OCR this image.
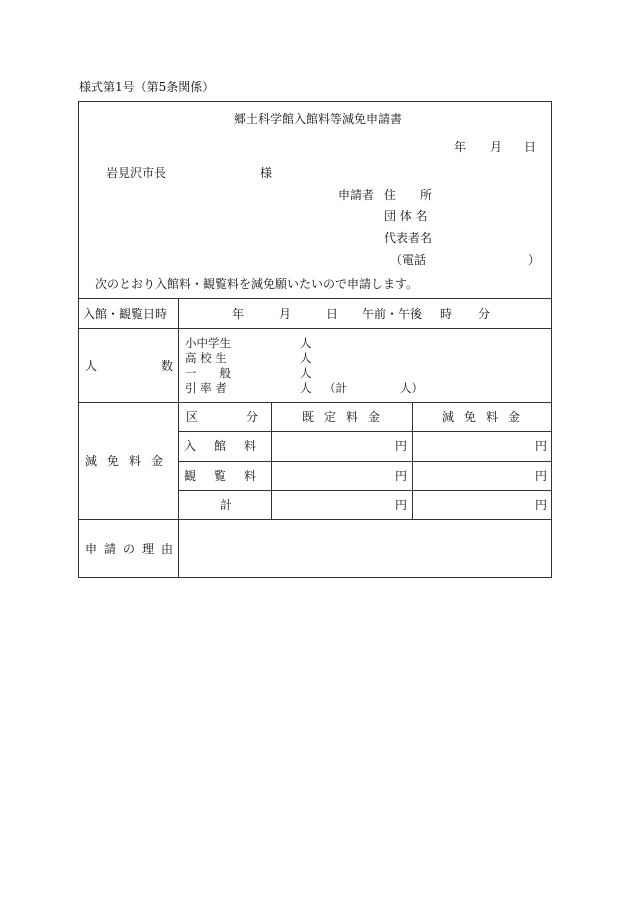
様式第1号（第5条関係）
郷土科学館入館料等減免申請書
年 月 日
岩見沢市長	様
申請者 住　　所
団 体 名
代表者名
（電話	）
次のとおり入館料・観覧料を減免願いたいので申請します。
入館・観覧日時	年	月	日 午前・午後 時 分
人	数
小中学生	人
高 校 生	人
一　　般	人
引 率 者	人 （計	人）
減免料金
区　　　　分	既定料金	減免料金
入館料	円	円
観覧料	円	円
計	円	円
申請の理由
